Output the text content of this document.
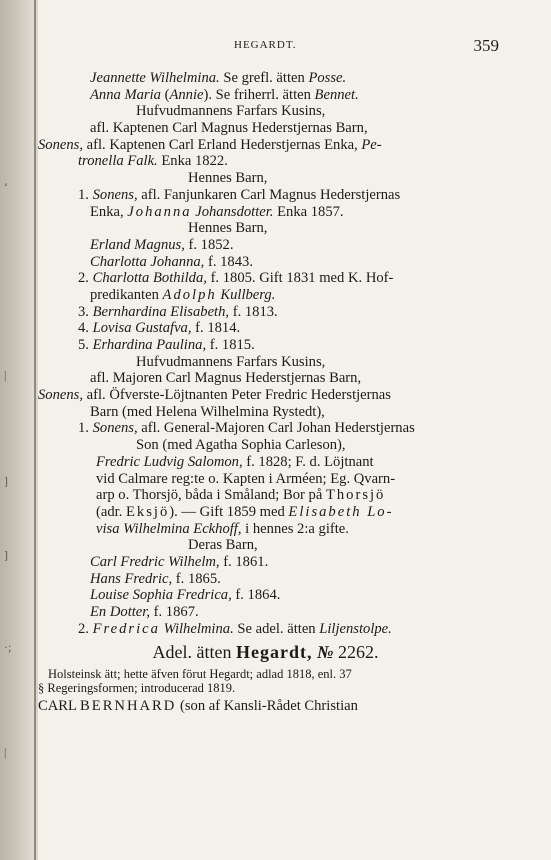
‘
|
]
]
·;
|
HEGARDT.	359
Jeannette Wilhelmina. Se grefl. ätten Posse.
Anna Maria (Annie). Se friherrl. ätten Bennet.
Hufvudmannens Farfars Kusins,
afl. Kaptenen Carl Magnus Hederstjernas Barn,
Sonens, afl. Kaptenen Carl Erland Hederstjernas Enka, Pe-
tronella Falk. Enka 1822.
Hennes Barn,
1. Sonens, afl. Fanjunkaren Carl Magnus Hederstjernas
Enka, Johanna Johansdotter. Enka 1857.
Hennes Barn,
Erland Magnus, f. 1852.
Charlotta Johanna, f. 1843.
2. Charlotta Bothilda, f. 1805. Gift 1831 med K. Hof-
predikanten Adolph Kullberg.
3. Bernhardina Elisabeth, f. 1813.
4. Lovisa Gustafva, f. 1814.
5. Erhardina Paulina, f. 1815.
Hufvudmannens Farfars Kusins,
afl. Majoren Carl Magnus Hederstjernas Barn,
Sonens, afl. Öfverste-Löjtnanten Peter Fredric Hederstjernas
Barn (med Helena Wilhelmina Rystedt),
1. Sonens, afl. General-Majoren Carl Johan Hederstjernas
Son (med Agatha Sophia Carleson),
Fredric Ludvig Salomon, f. 1828; F. d. Löjtnant
vid Calmare reg:te o. Kapten i Arméen; Eg. Qvarn-
arp o. Thorsjö, båda i Småland; Bor på Thorsjö
(adr. Eksjö). — Gift 1859 med Elisabeth Lo-
visa Wilhelmina Eckhoff, i hennes 2:a gifte.
Deras Barn,
Carl Fredric Wilhelm, f. 1861.
Hans Fredric, f. 1865.
Louise Sophia Fredrica, f. 1864.
En Dotter, f. 1867.
2. Fredrica Wilhelmina. Se adel. ätten Liljenstolpe.
Adel. ätten Hegardt, № 2262.
Holsteinsk ätt; hette äfven förut Hegardt; adlad 1818, enl. 37
§ Regeringsformen; introducerad 1819.
CARL BERNHARD (son af Kansli-Rådet Christian
